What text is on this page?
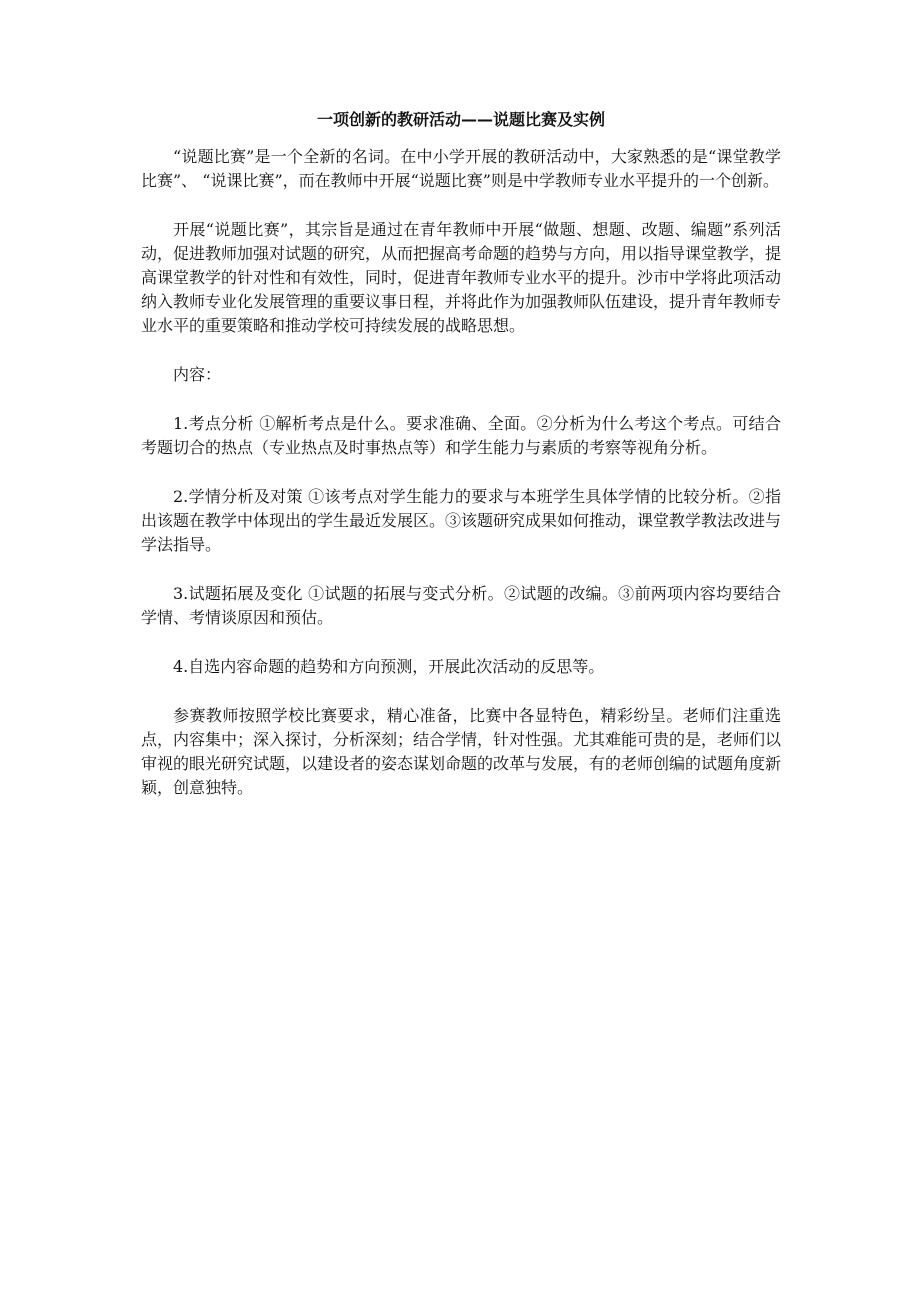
一项创新的教研活动——说题比赛及实例

“说题比赛”是一个全新的名词。在中小学开展的教研活动中，大家熟悉的是“课堂教学比赛”、 “说课比赛”，而在教师中开展“说题比赛”则是中学教师专业水平提升的一个创新。

开展“说题比赛”，其宗旨是通过在青年教师中开展“做题、想题、改题、编题”系列活动，促进教师加强对试题的研究，从而把握高考命题的趋势与方向，用以指导课堂教学，提高课堂教学的针对性和有效性，同时，促进青年教师专业水平的提升。沙市中学将此项活动纳入教师专业化发展管理的重要议事日程，并将此作为加强教师队伍建设，提升青年教师专业水平的重要策略和推动学校可持续发展的战略思想。

内容：

1.考点分析 ①解析考点是什么。要求准确、全面。②分析为什么考这个考点。可结合考题切合的热点（专业热点及时事热点等）和学生能力与素质的考察等视角分析。

2.学情分析及对策 ①该考点对学生能力的要求与本班学生具体学情的比较分析。②指出该题在教学中体现出的学生最近发展区。③该题研究成果如何推动，课堂教学教法改进与学法指导。

3.试题拓展及变化 ①试题的拓展与变式分析。②试题的改编。③前两项内容均要结合学情、考情谈原因和预估。

4.自选内容命题的趋势和方向预测，开展此次活动的反思等。

参赛教师按照学校比赛要求，精心准备，比赛中各显特色，精彩纷呈。老师们注重选点，内容集中；深入探讨，分析深刻；结合学情，针对性强。尤其难能可贵的是，老师们以审视的眼光研究试题，以建设者的姿态谋划命题的改革与发展，有的老师创编的试题角度新颖，创意独特。
